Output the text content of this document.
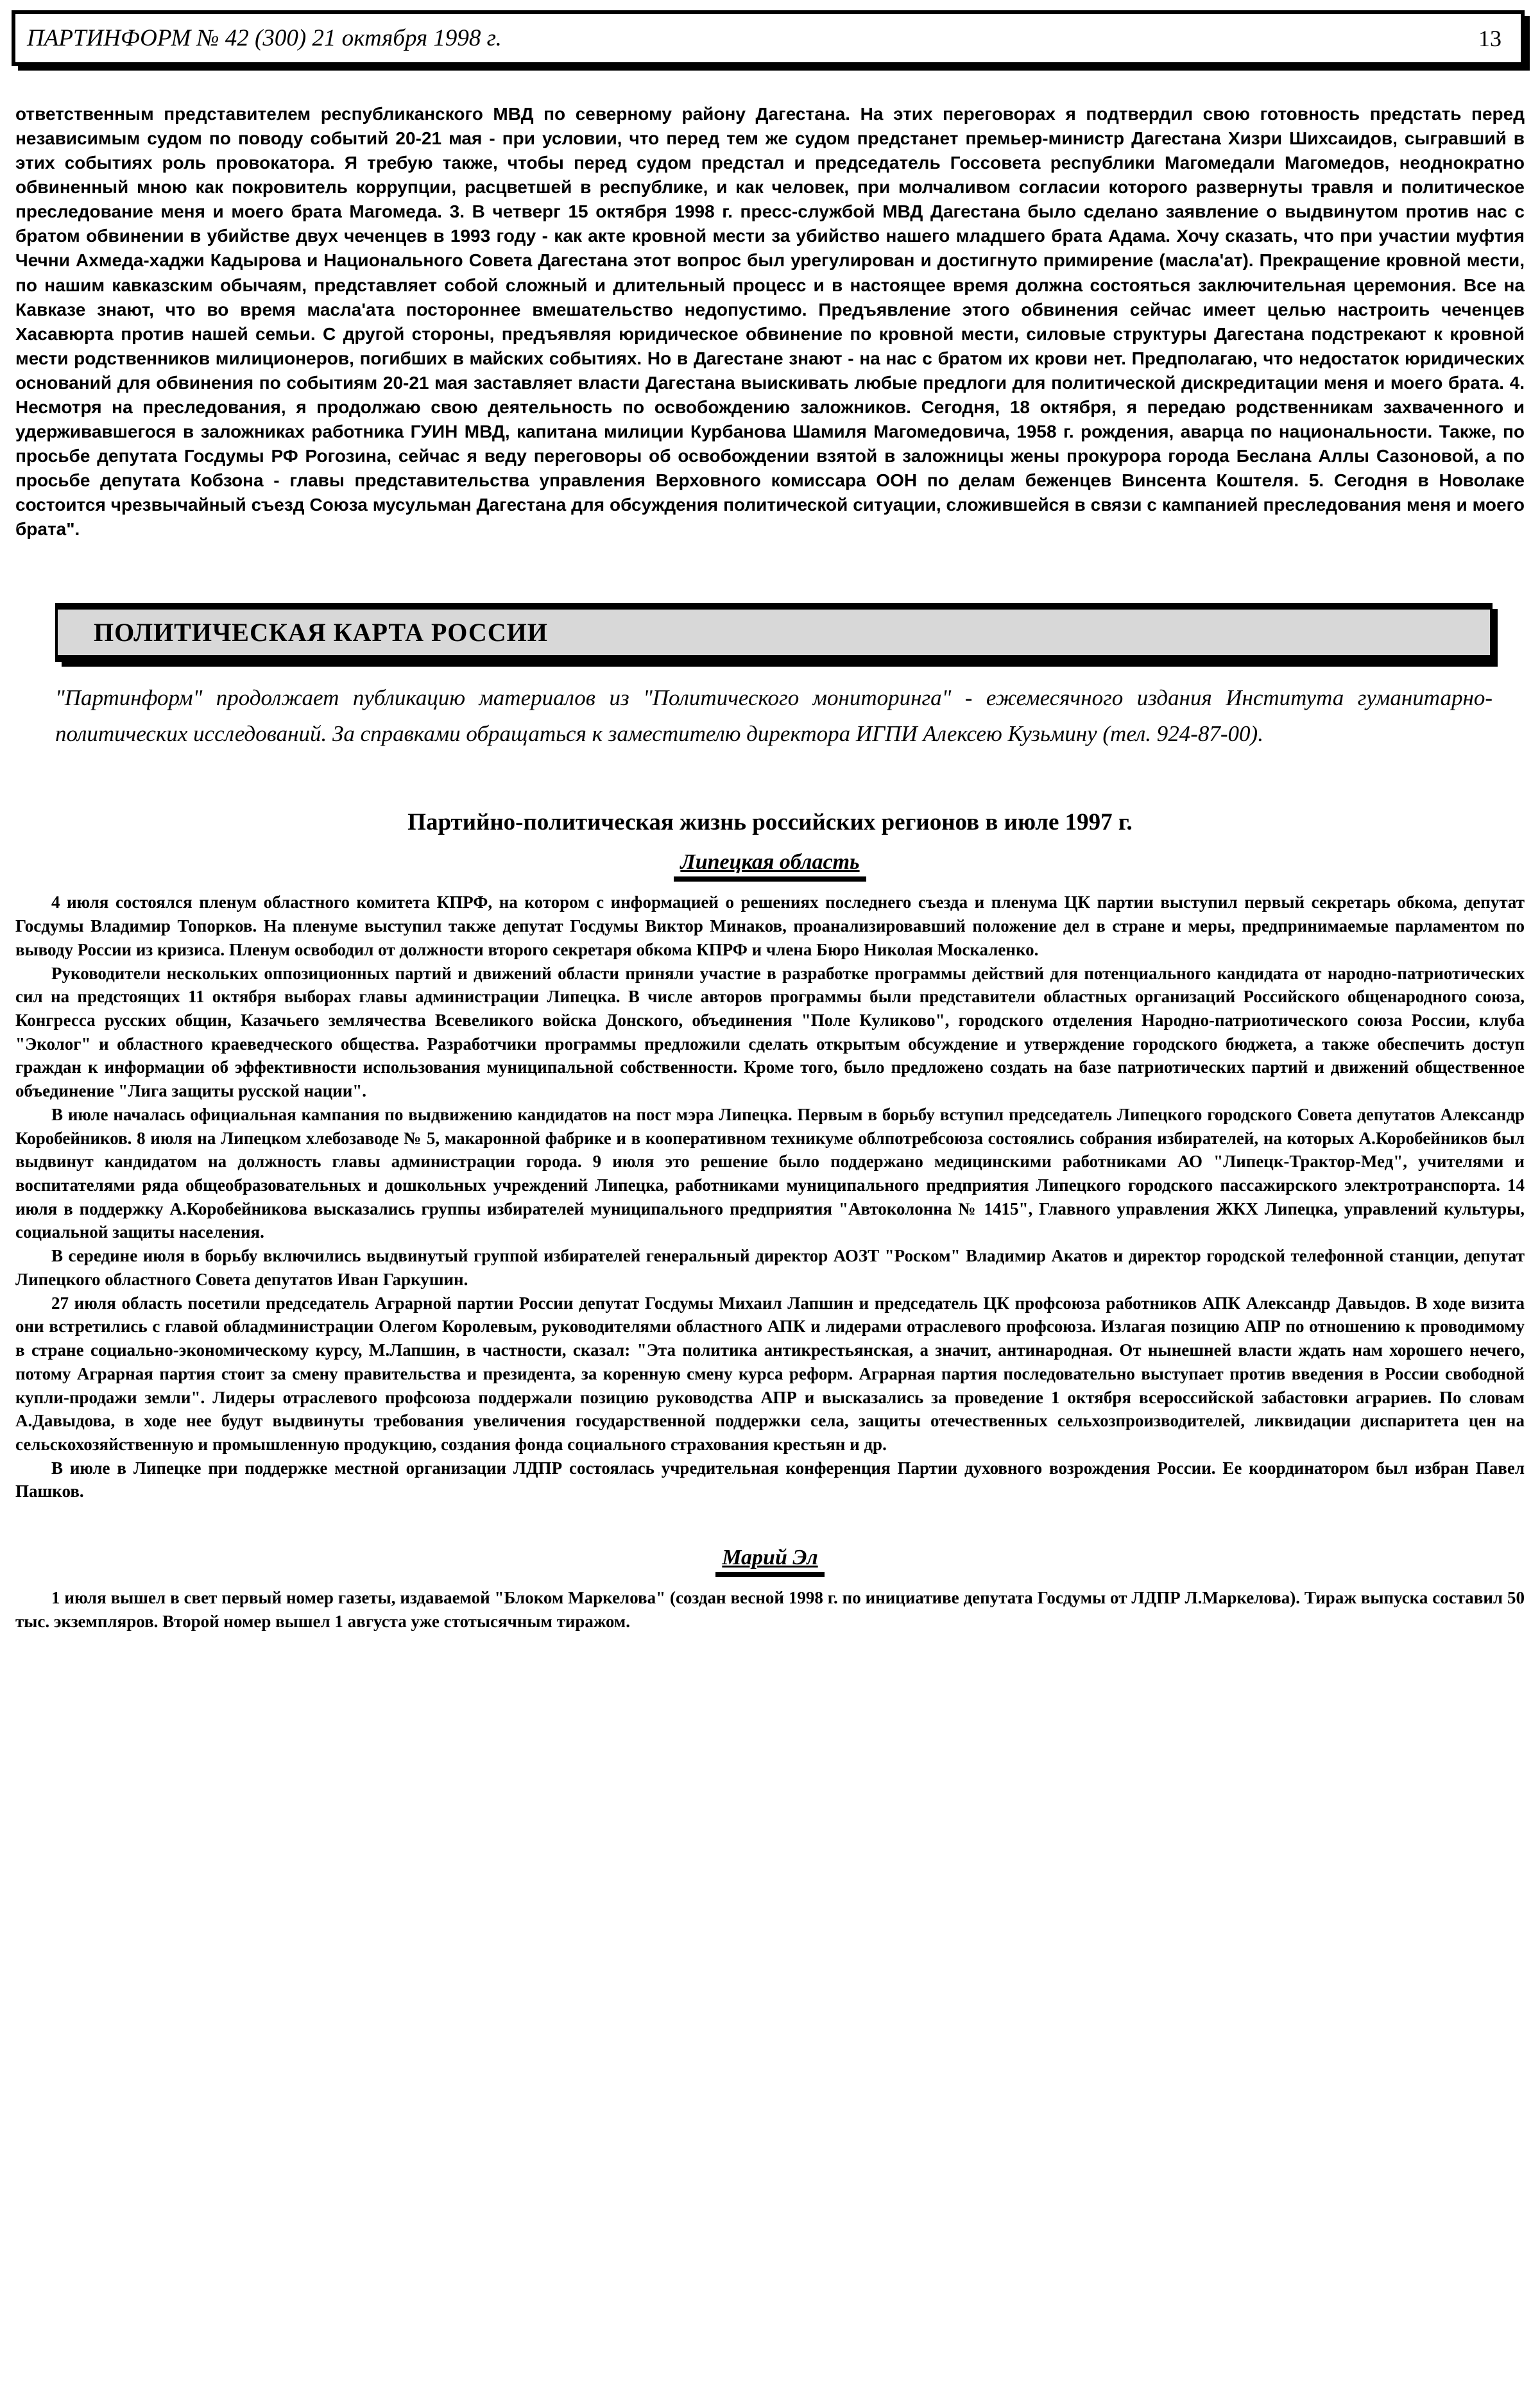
ПАРТИНФОРМ № 42 (300) 21 октября 1998 г.	13

ответственным представителем республиканского МВД по северному району Дагестана. На этих переговорах я подтвердил свою готовность предстать перед независимым судом по поводу событий 20-21 мая - при условии, что перед тем же судом предстанет премьер-министр Дагестана Хизри Шихсаидов, сыгравший в этих событиях роль провокатора. Я требую также, чтобы перед судом предстал и председатель Госсовета республики Магомедали Магомедов, неоднократно обвиненный мною как покровитель коррупции, расцветшей в республике, и как человек, при молчаливом согласии которого развернуты травля и политическое преследование меня и моего брата Магомеда. 3. В четверг 15 октября 1998 г. пресс-службой МВД Дагестана было сделано заявление о выдвинутом против нас с братом обвинении в убийстве двух чеченцев в 1993 году - как акте кровной мести за убийство нашего младшего брата Адама. Хочу сказать, что при участии муфтия Чечни Ахмеда-хаджи Кадырова и Национального Совета Дагестана этот вопрос был урегулирован и достигнуто примирение (масла'ат). Прекращение кровной мести, по нашим кавказским обычаям, представляет собой сложный и длительный процесс и в настоящее время должна состояться заключительная церемония. Все на Кавказе знают, что во время масла'ата постороннее вмешательство недопустимо. Предъявление этого обвинения сейчас имеет целью настроить чеченцев Хасавюрта против нашей семьи. С другой стороны, предъявляя юридическое обвинение по кровной мести, силовые структуры Дагестана подстрекают к кровной мести родственников милиционеров, погибших в майских событиях. Но в Дагестане знают - на нас с братом их крови нет. Предполагаю, что недостаток юридических оснований для обвинения по событиям 20-21 мая заставляет власти Дагестана выискивать любые предлоги для политической дискредитации меня и моего брата. 4. Несмотря на преследования, я продолжаю свою деятельность по освобождению заложников. Сегодня, 18 октября, я передаю родственникам захваченного и удерживавшегося в заложниках работника ГУИН МВД, капитана милиции Курбанова Шамиля Магомедовича, 1958 г. рождения, аварца по национальности. Также, по просьбе депутата Госдумы РФ Рогозина, сейчас я веду переговоры об освобождении взятой в заложницы жены прокурора города Беслана Аллы Сазоновой, а по просьбе депутата Кобзона - главы представительства управления Верховного комиссара ООН по делам беженцев Винсента Коштеля. 5. Сегодня в Новолаке состоится чрезвычайный съезд Союза мусульман Дагестана для обсуждения политической ситуации, сложившейся в связи с кампанией преследования меня и моего брата".

ПОЛИТИЧЕСКАЯ КАРТА РОССИИ

"Партинформ" продолжает публикацию материалов из "Политического мониторинга" - ежемесячного издания Института гуманитарно-политических исследований. За справками обращаться к заместителю директора ИГПИ Алексею Кузьмину (тел. 924-87-00).

Партийно-политическая жизнь российских регионов в июле 1997 г.
Липецкая область

4 июля состоялся пленум областного комитета КПРФ, на котором с информацией о решениях последнего съезда и пленума ЦК партии выступил первый секретарь обкома, депутат Госдумы Владимир Топорков. На пленуме выступил также депутат Госдумы Виктор Минаков, проанализировавший положение дел в стране и меры, предпринимаемые парламентом по выводу России из кризиса. Пленум освободил от должности второго секретаря обкома КПРФ и члена Бюро Николая Москаленко.

Руководители нескольких оппозиционных партий и движений области приняли участие в разработке программы действий для потенциального кандидата от народно-патриотических сил на предстоящих 11 октября выборах главы администрации Липецка. В числе авторов программы были представители областных организаций Российского общенародного союза, Конгресса русских общин, Казачьего землячества Всевеликого войска Донского, объединения "Поле Куликово", городского отделения Народно-патриотического союза России, клуба "Эколог" и областного краеведческого общества. Разработчики программы предложили сделать открытым обсуждение и утверждение городского бюджета, а также обеспечить доступ граждан к информации об эффективности использования муниципальной собственности. Кроме того, было предложено создать на базе патриотических партий и движений общественное объединение "Лига защиты русской нации".

В июле началась официальная кампания по выдвижению кандидатов на пост мэра Липецка. Первым в борьбу вступил председатель Липецкого городского Совета депутатов Александр Коробейников. 8 июля на Липецком хлебозаводе № 5, макаронной фабрике и в кооперативном техникуме облпотребсоюза состоялись собрания избирателей, на которых А.Коробейников был выдвинут кандидатом на должность главы администрации города. 9 июля это решение было поддержано медицинскими работниками АО "Липецк-Трактор-Мед", учителями и воспитателями ряда общеобразовательных и дошкольных учреждений Липецка, работниками муниципального предприятия Липецкого городского пассажирского электротранспорта. 14 июля в поддержку А.Коробейникова высказались группы избирателей муниципального предприятия "Автоколонна № 1415", Главного управления ЖКХ Липецка, управлений культуры, социальной защиты населения.

В середине июля в борьбу включились выдвинутый группой избирателей генеральный директор АОЗТ "Роском" Владимир Акатов и директор городской телефонной станции, депутат Липецкого областного Совета депутатов Иван Гаркушин.

27 июля область посетили председатель Аграрной партии России депутат Госдумы Михаил Лапшин и председатель ЦК профсоюза работников АПК Александр Давыдов. В ходе визита они встретились с главой обладминистрации Олегом Королевым, руководителями областного АПК и лидерами отраслевого профсоюза. Излагая позицию АПР по отношению к проводимому в стране социально-экономическому курсу, М.Лапшин, в частности, сказал: "Эта политика антикрестьянская, а значит, антинародная. От нынешней власти ждать нам хорошего нечего, потому Аграрная партия стоит за смену правительства и президента, за коренную смену курса реформ. Аграрная партия последовательно выступает против введения в России свободной купли-продажи земли". Лидеры отраслевого профсоюза поддержали позицию руководства АПР и высказались за проведение 1 октября всероссийской забастовки аграриев. По словам А.Давыдова, в ходе нее будут выдвинуты требования увеличения государственной поддержки села, защиты отечественных сельхозпроизводителей, ликвидации диспаритета цен на сельскохозяйственную и промышленную продукцию, создания фонда социального страхования крестьян и др.

В июле в Липецке при поддержке местной организации ЛДПР состоялась учредительная конференция Партии духовного возрождения России. Ее координатором был избран Павел Пашков.

Марий Эл

1 июля вышел в свет первый номер газеты, издаваемой "Блоком Маркелова" (создан весной 1998 г. по инициативе депутата Госдумы от ЛДПР Л.Маркелова). Тираж выпуска составил 50 тыс. экземпляров. Второй номер вышел 1 августа уже стотысячным тиражом.
